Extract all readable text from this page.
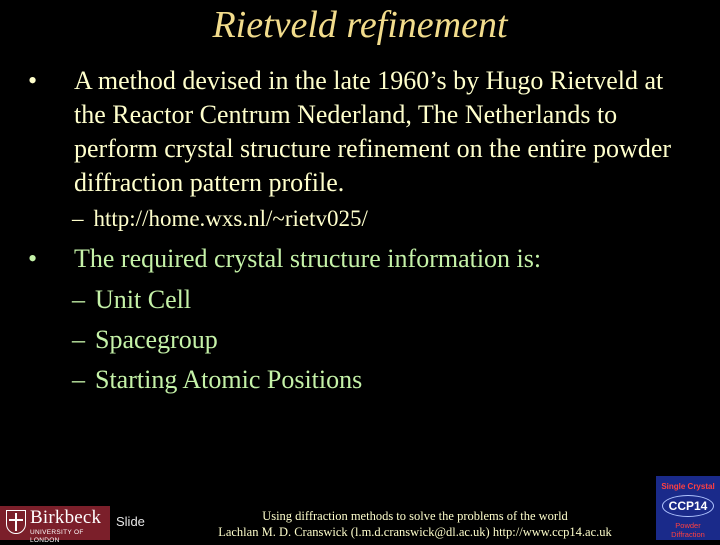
Rietveld refinement
• A method devised in the late 1960’s by Hugo Rietveld at the Reactor Centrum Nederland, The Netherlands to perform crystal structure refinement on the entire powder diffraction pattern profile.
– http://home.wxs.nl/~rietv025/
• The required crystal structure information is:
– Unit Cell
– Spacegroup
– Starting Atomic Positions
Birkbeck
UNIVERSITY OF LONDON
Slide	Using diffraction methods to solve the problems of the world
Lachlan M. D. Cranswick (l.m.d.cranswick@dl.ac.uk) http://www.ccp14.ac.uk
Single Crystal
CCP14
Powder Diffraction
